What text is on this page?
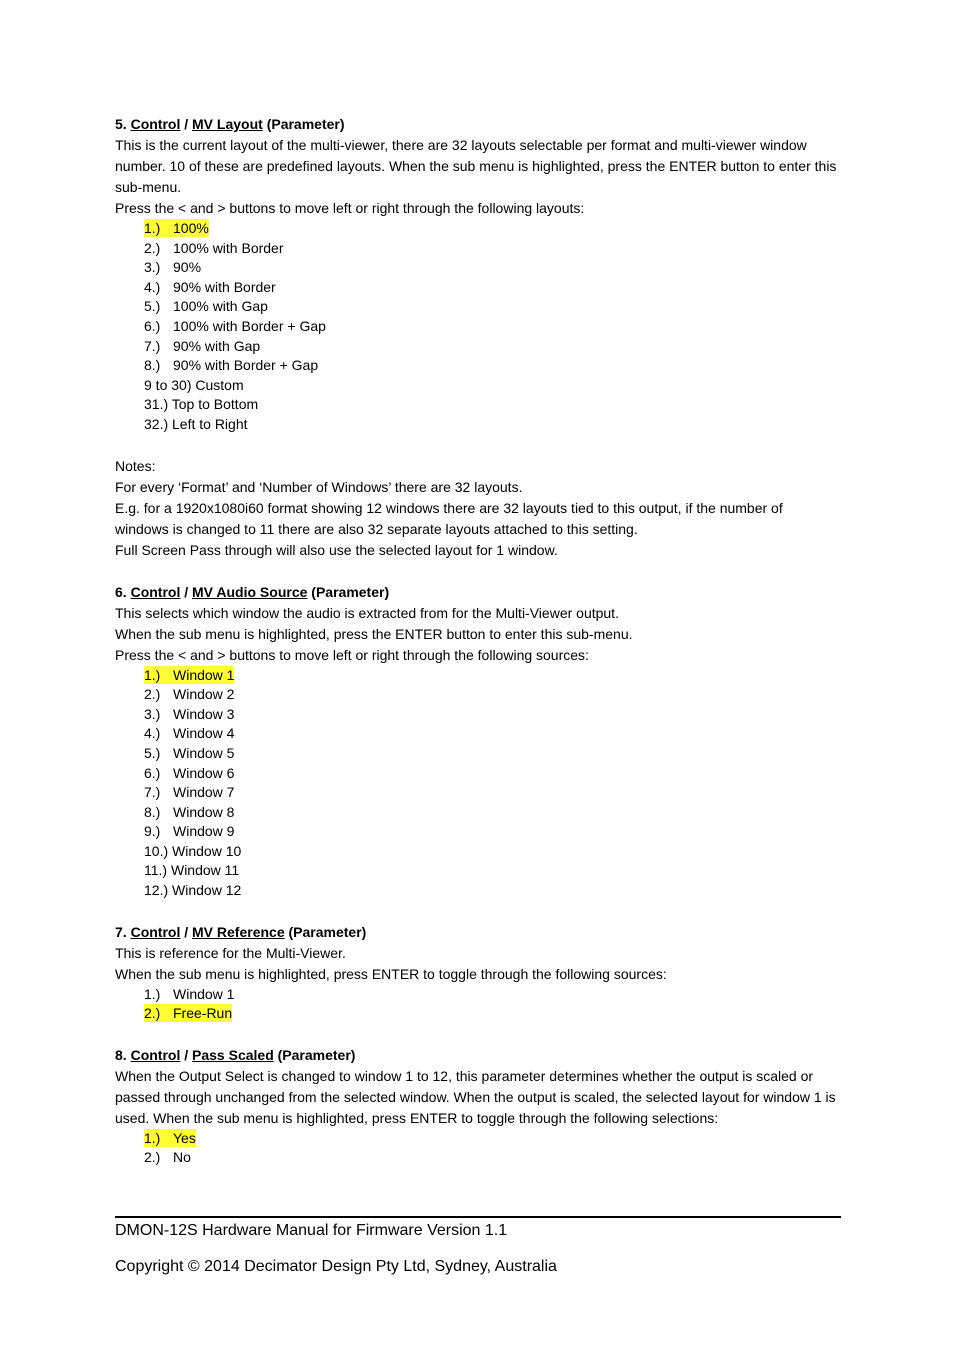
5. Control / MV Layout (Parameter)

This is the current layout of the multi-viewer, there are 32 layouts selectable per format and multi-viewer window number. 10 of these are predefined layouts. When the sub menu is highlighted, press the ENTER button to enter this sub-menu.

Press the < and > buttons to move left or right through the following layouts:

1.) 100%
2.) 100% with Border
3.) 90%
4.) 90% with Border
5.) 100% with Gap
6.) 100% with Border + Gap
7.) 90% with Gap
8.) 90% with Border + Gap
9 to 30) Custom
31.) Top to Bottom
32.) Left to Right

Notes:

For every ‘Format’ and ‘Number of Windows’ there are 32 layouts.

E.g. for a 1920x1080i60 format showing 12 windows there are 32 layouts tied to this output, if the number of windows is changed to 11 there are also 32 separate layouts attached to this setting.

Full Screen Pass through will also use the selected layout for 1 window.

6. Control / MV Audio Source (Parameter)

This selects which window the audio is extracted from for the Multi-Viewer output.

When the sub menu is highlighted, press the ENTER button to enter this sub-menu.

Press the < and > buttons to move left or right through the following sources:

1.) Window 1
2.) Window 2
3.) Window 3
4.) Window 4
5.) Window 5
6.) Window 6
7.) Window 7
8.) Window 8
9.) Window 9
10.) Window 10
11.) Window 11
12.) Window 12
7. Control / MV Reference (Parameter)

This is reference for the Multi-Viewer.

When the sub menu is highlighted, press ENTER to toggle through the following sources:

1.) Window 1
2.) Free-Run
8. Control / Pass Scaled (Parameter)

When the Output Select is changed to window 1 to 12, this parameter determines whether the output is scaled or passed through unchanged from the selected window. When the output is scaled, the selected layout for window 1 is used. When the sub menu is highlighted, press ENTER to toggle through the following selections:

1.) Yes
2.) No
DMON-12S Hardware Manual for Firmware Version 1.1
Copyright © 2014 Decimator Design Pty Ltd, Sydney, Australia
